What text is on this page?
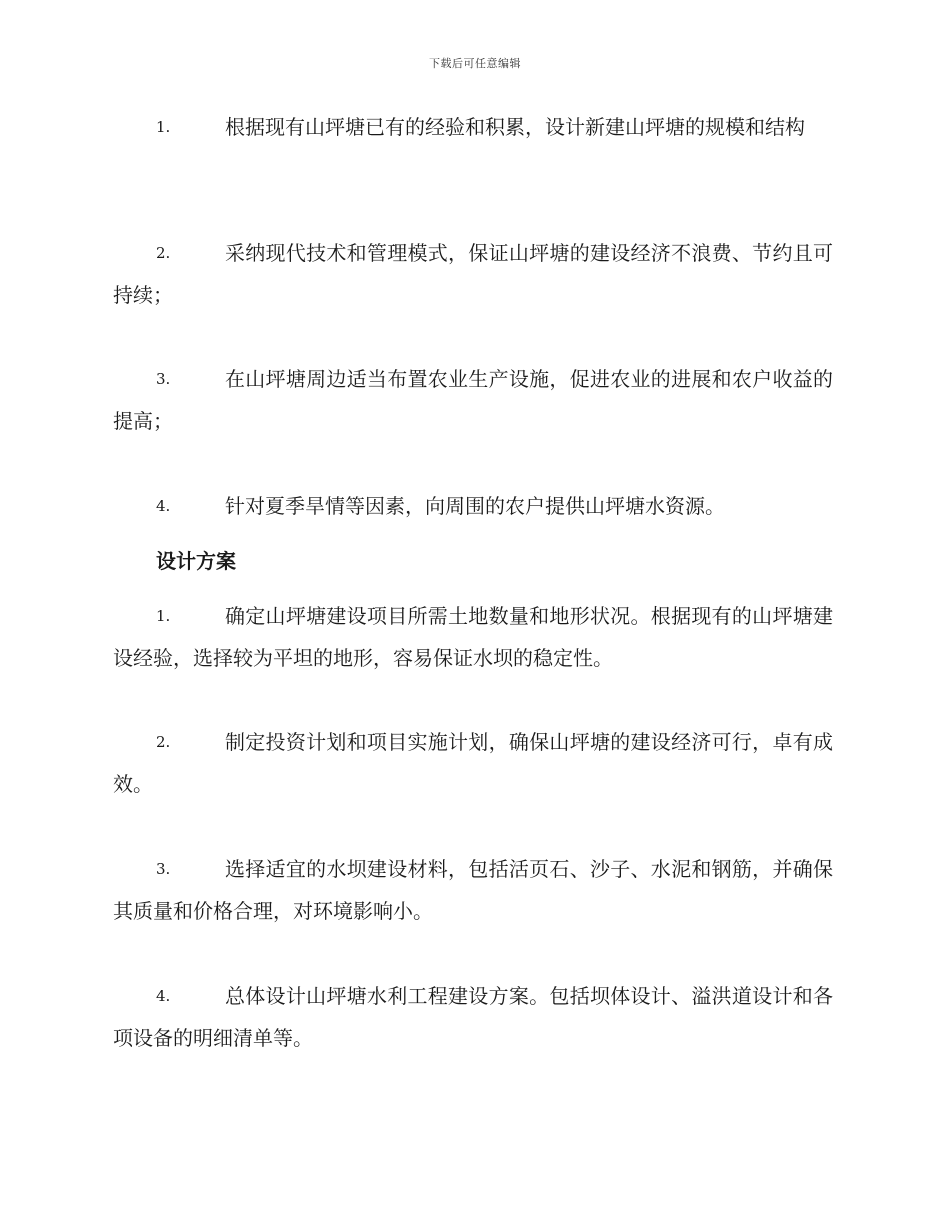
下载后可任意编辑
1.	根据现有山坪塘已有的经验和积累，设计新建山坪塘的规模和结构
2.	采纳现代技术和管理模式，保证山坪塘的建设经济不浪费、节约且可持续；
3.	在山坪塘周边适当布置农业生产设施，促进农业的进展和农户收益的提高；
4.	针对夏季旱情等因素，向周围的农户提供山坪塘水资源。
设计方案
1.	确定山坪塘建设项目所需土地数量和地形状况。根据现有的山坪塘建设经验，选择较为平坦的地形，容易保证水坝的稳定性。
2.	制定投资计划和项目实施计划，确保山坪塘的建设经济可行，卓有成效。
3.	选择适宜的水坝建设材料，包括活页石、沙子、水泥和钢筋，并确保其质量和价格合理，对环境影响小。
4.	总体设计山坪塘水利工程建设方案。包括坝体设计、溢洪道设计和各项设备的明细清单等。
